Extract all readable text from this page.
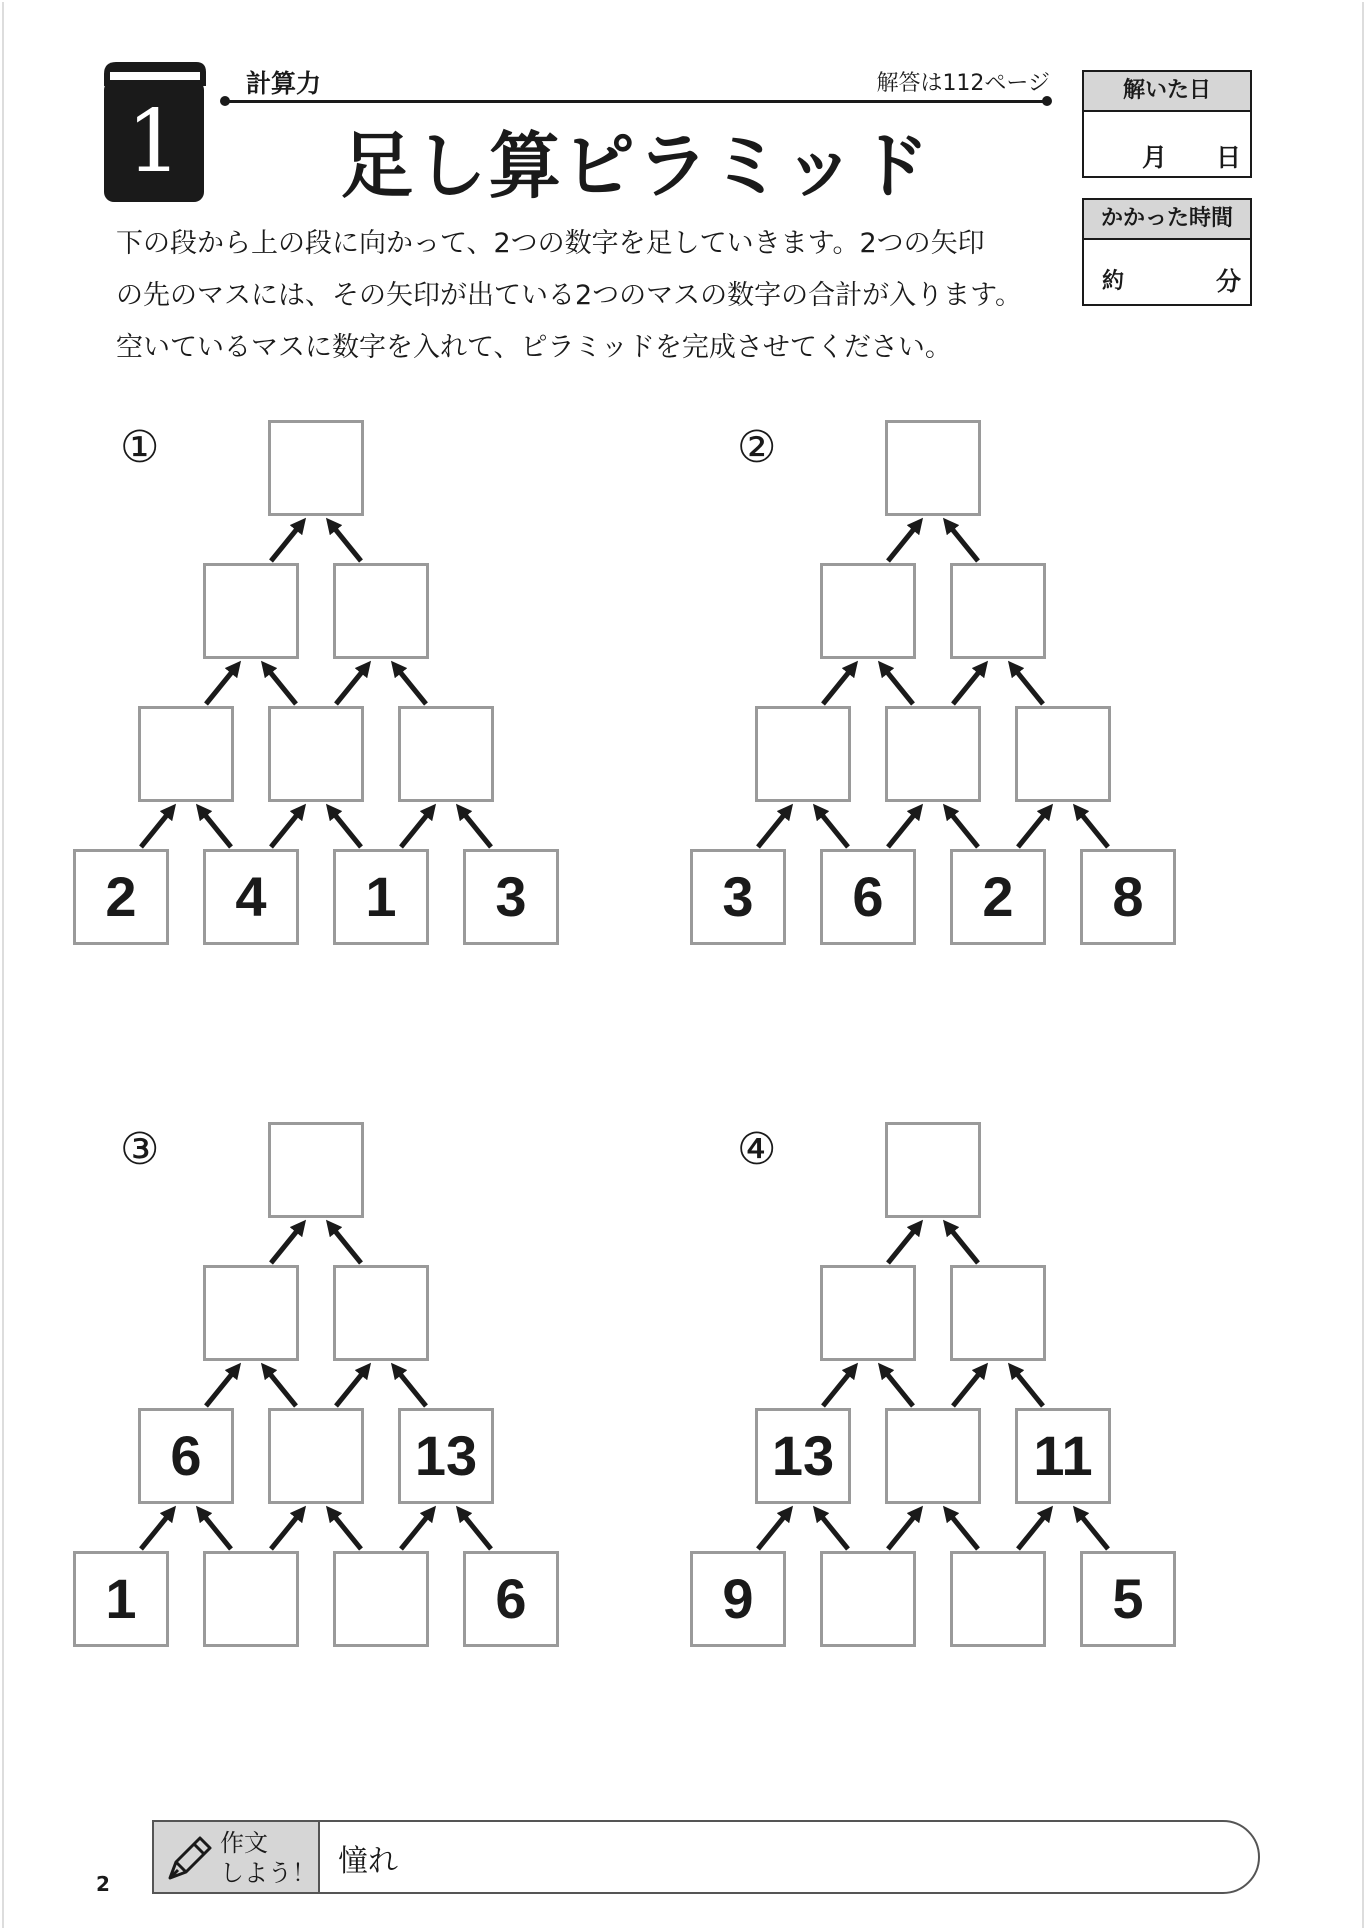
1
計算力	解答は112ページ
足し算ピラミッド
下の段から上の段に向かって、2つの数字を足していきます。2つの矢印
の先のマスには、その矢印が出ている2つのマスの数字の合計が入ります。
空いているマスに数字を入れて、ピラミッドを完成させてください。
解いた日
月 日
かかった時間
約	分
①
2	4	1	3
②
3	6	2	8
③
6	13
1	6
④
13	11
9	5
2
作文
しよう！ 憧れ
